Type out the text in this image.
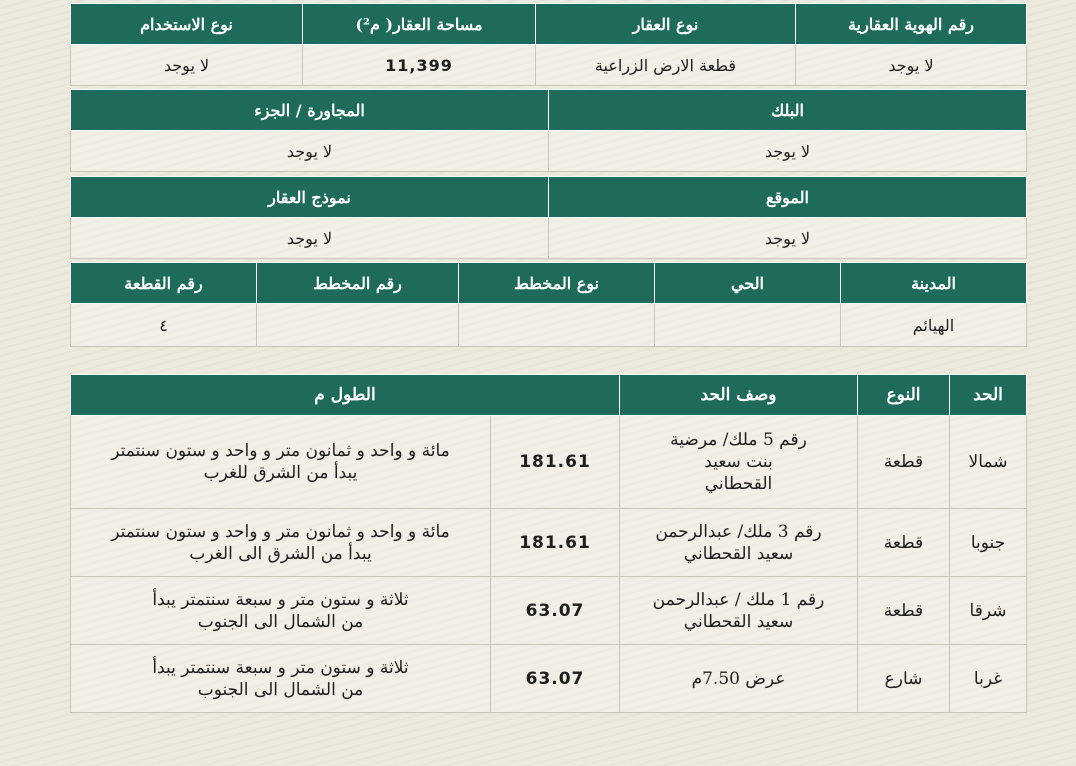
رقم الهوية العقارية	نوع العقار	مساحة العقار( م²)	نوع الاستخدام
لا يوجد	قطعة الارض الزراعية	11,399	لا يوجد
البلك	المجاورة / الجزء
لا يوجد	لا يوجد
الموقع	نموذج العقار
لا يوجد	لا يوجد
المدينة	الحي	نوع المخطط	رقم المخطط	رقم القطعة
الهيائم				٤
الحد	النوع	وصف الحد	الطول م	
شمالا	قطعة	رقم 5 ملك/ مرضية بنت سعيد القحطاني	181.61	مائة و واحد و ثمانون متر و واحد و ستون سنتمتر يبدأ من الشرق للغرب
جنوبا	قطعة	رقم 3 ملك/ عبدالرحمن سعيد القحطاني	181.61	مائة و واحد و ثمانون متر و واحد و ستون سنتمتر يبدأ من الشرق الى الغرب
شرقا	قطعة	رقم 1 ملك / عبدالرحمن سعيد القحطاني	63.07	ثلاثة و ستون متر و سبعة سنتمتر يبدأ من الشمال الى الجنوب
غربا	شارع	عرض 7.50م	63.07	ثلاثة و ستون متر و سبعة سنتمتر يبدأ من الشمال الى الجنوب
